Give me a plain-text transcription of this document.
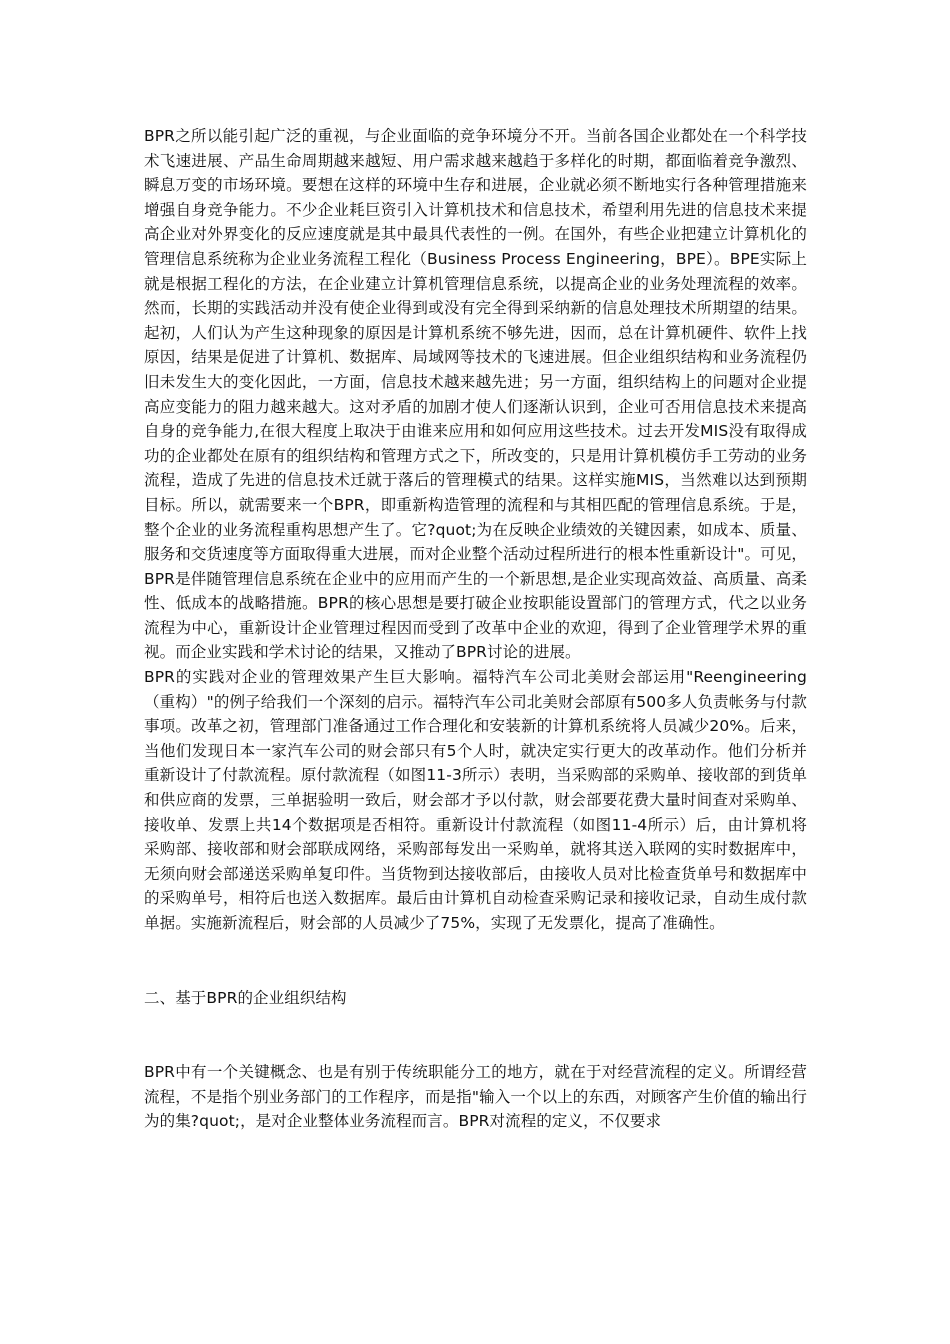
BPR之所以能引起广泛的重视，与企业面临的竞争环境分不开。当前各国企业都处在一个科学技术飞速进展、产品生命周期越来越短、用户需求越来越趋于多样化的时期，都面临着竞争激烈、瞬息万变的市场环境。要想在这样的环境中生存和进展，企业就必须不断地实行各种管理措施来增强自身竞争能力。不少企业耗巨资引入计算机技术和信息技术，希望利用先进的信息技术来提高企业对外界变化的反应速度就是其中最具代表性的一例。在国外，有些企业把建立计算机化的管理信息系统称为企业业务流程工程化（Business Process Engineering，BPE）。BPE实际上就是根据工程化的方法，在企业建立计算机管理信息系统，以提高企业的业务处理流程的效率。然而，长期的实践活动并没有使企业得到或没有完全得到采纳新的信息处理技术所期望的结果。起初，人们认为产生这种现象的原因是计算机系统不够先进，因而，总在计算机硬件、软件上找原因，结果是促进了计算机、数据库、局域网等技术的飞速进展。但企业组织结构和业务流程仍旧未发生大的变化因此，一方面，信息技术越来越先进；另一方面，组织结构上的问题对企业提高应变能力的阻力越来越大。这对矛盾的加剧才使人们逐渐认识到，企业可否用信息技术来提高自身的竞争能力,在很大程度上取决于由谁来应用和如何应用这些技术。过去开发MIS没有取得成功的企业都处在原有的组织结构和管理方式之下，所改变的，只是用计算机模仿手工劳动的业务流程，造成了先进的信息技术迁就于落后的管理模式的结果。这样实施MIS，当然难以达到预期目标。所以，就需要来一个BPR，即重新构造管理的流程和与其相匹配的管理信息系统。于是，整个企业的业务流程重构思想产生了。它?quot;为在反映企业绩效的关键因素，如成本、质量、服务和交货速度等方面取得重大进展，而对企业整个活动过程所进行的根本性重新设计"。可见，BPR是伴随管理信息系统在企业中的应用而产生的一个新思想,是企业实现高效益、高质量、高柔性、低成本的战略措施。BPR的核心思想是要打破企业按职能设置部门的管理方式，代之以业务流程为中心，重新设计企业管理过程因而受到了改革中企业的欢迎，得到了企业管理学术界的重视。而企业实践和学术讨论的结果，又推动了BPR讨论的进展。

BPR的实践对企业的管理效果产生巨大影响。福特汽车公司北美财会部运用"Reengineering（重构）"的例子给我们一个深刻的启示。福特汽车公司北美财会部原有500多人负责帐务与付款事项。改革之初，管理部门准备通过工作合理化和安装新的计算机系统将人员减少20%。后来，当他们发现日本一家汽车公司的财会部只有5个人时，就决定实行更大的改革动作。他们分析并重新设计了付款流程。原付款流程（如图11-3所示）表明，当采购部的采购单、接收部的到货单和供应商的发票，三单据验明一致后，财会部才予以付款，财会部要花费大量时间查对采购单、接收单、发票上共14个数据项是否相符。重新设计付款流程（如图11-4所示）后，由计算机将采购部、接收部和财会部联成网络，采购部每发出一采购单，就将其送入联网的实时数据库中，无须向财会部递送采购单复印件。当货物到达接收部后，由接收人员对比检查货单号和数据库中的采购单号，相符后也送入数据库。最后由计算机自动检查采购记录和接收记录，自动生成付款单据。实施新流程后，财会部的人员减少了75%，实现了无发票化，提高了准确性。

二、基于BPR的企业组织结构

BPR中有一个关键概念、也是有别于传统职能分工的地方，就在于对经营流程的定义。所谓经营流程，不是指个别业务部门的工作程序，而是指"输入一个以上的东西，对顾客产生价值的输出行为的集?quot;，是对企业整体业务流程而言。BPR对流程的定义，不仅要求
